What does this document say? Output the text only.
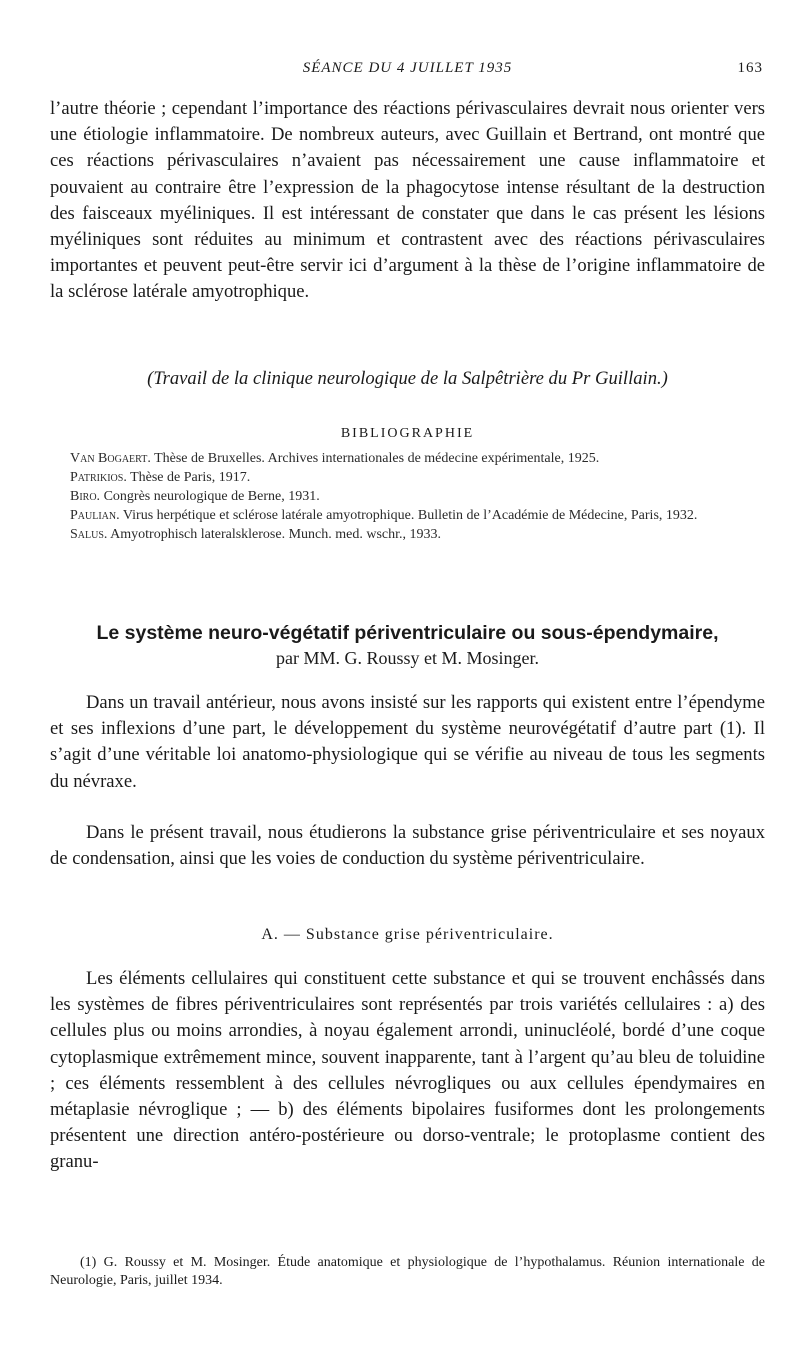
SÉANCE DU 4 JUILLET 1935	163

l’autre théorie ; cependant l’importance des réactions périvasculaires devrait nous orienter vers une étiologie inflammatoire. De nombreux auteurs, avec Guillain et Bertrand, ont montré que ces réactions périvasculaires n’avaient pas nécessairement une cause inflammatoire et pouvaient au contraire être l’expression de la phagocytose intense résultant de la destruction des faisceaux myéliniques. Il est intéressant de constater que dans le cas présent les lésions myéliniques sont réduites au minimum et contrastent avec des réactions périvasculaires importantes et peuvent peut-être servir ici d’argument à la thèse de l’origine inflammatoire de la sclérose latérale amyotrophique.

(Travail de la clinique neurologique de la Salpêtrière du Pr Guillain.)
BIBLIOGRAPHIE

Van Bogaert. Thèse de Bruxelles. Archives internationales de médecine expérimentale, 1925.

Patrikios. Thèse de Paris, 1917.

Biro. Congrès neurologique de Berne, 1931.

Paulian. Virus herpétique et sclérose latérale amyotrophique. Bulletin de l’Académie de Médecine, Paris, 1932.

Salus. Amyotrophisch lateralsklerose. Munch. med. wschr., 1933.

Le système neuro-végétatif périventriculaire ou sous-épendymaire,
par MM. G. Roussy et M. Mosinger.

Dans un travail antérieur, nous avons insisté sur les rapports qui existent entre l’épendyme et ses inflexions d’une part, le développement du système neurovégétatif d’autre part (1). Il s’agit d’une véritable loi anatomo-physiologique qui se vérifie au niveau de tous les segments du névraxe.

Dans le présent travail, nous étudierons la substance grise périventriculaire et ses noyaux de condensation, ainsi que les voies de conduction du système périventriculaire.

A. — Substance grise périventriculaire.

Les éléments cellulaires qui constituent cette substance et qui se trouvent enchâssés dans les systèmes de fibres périventriculaires sont représentés par trois variétés cellulaires : a) des cellules plus ou moins arrondies, à noyau également arrondi, uninucléolé, bordé d’une coque cytoplasmique extrêmement mince, souvent inapparente, tant à l’argent qu’au bleu de toluidine ; ces éléments ressemblent à des cellules névrogliques ou aux cellules épendymaires en métaplasie névroglique ; — b) des éléments bipolaires fusiformes dont les prolongements présentent une direction antéro-postérieure ou dorso-ventrale; le protoplasme contient des granu-

(1) G. Roussy et M. Mosinger. Étude anatomique et physiologique de l’hypothalamus. Réunion internationale de Neurologie, Paris, juillet 1934.
